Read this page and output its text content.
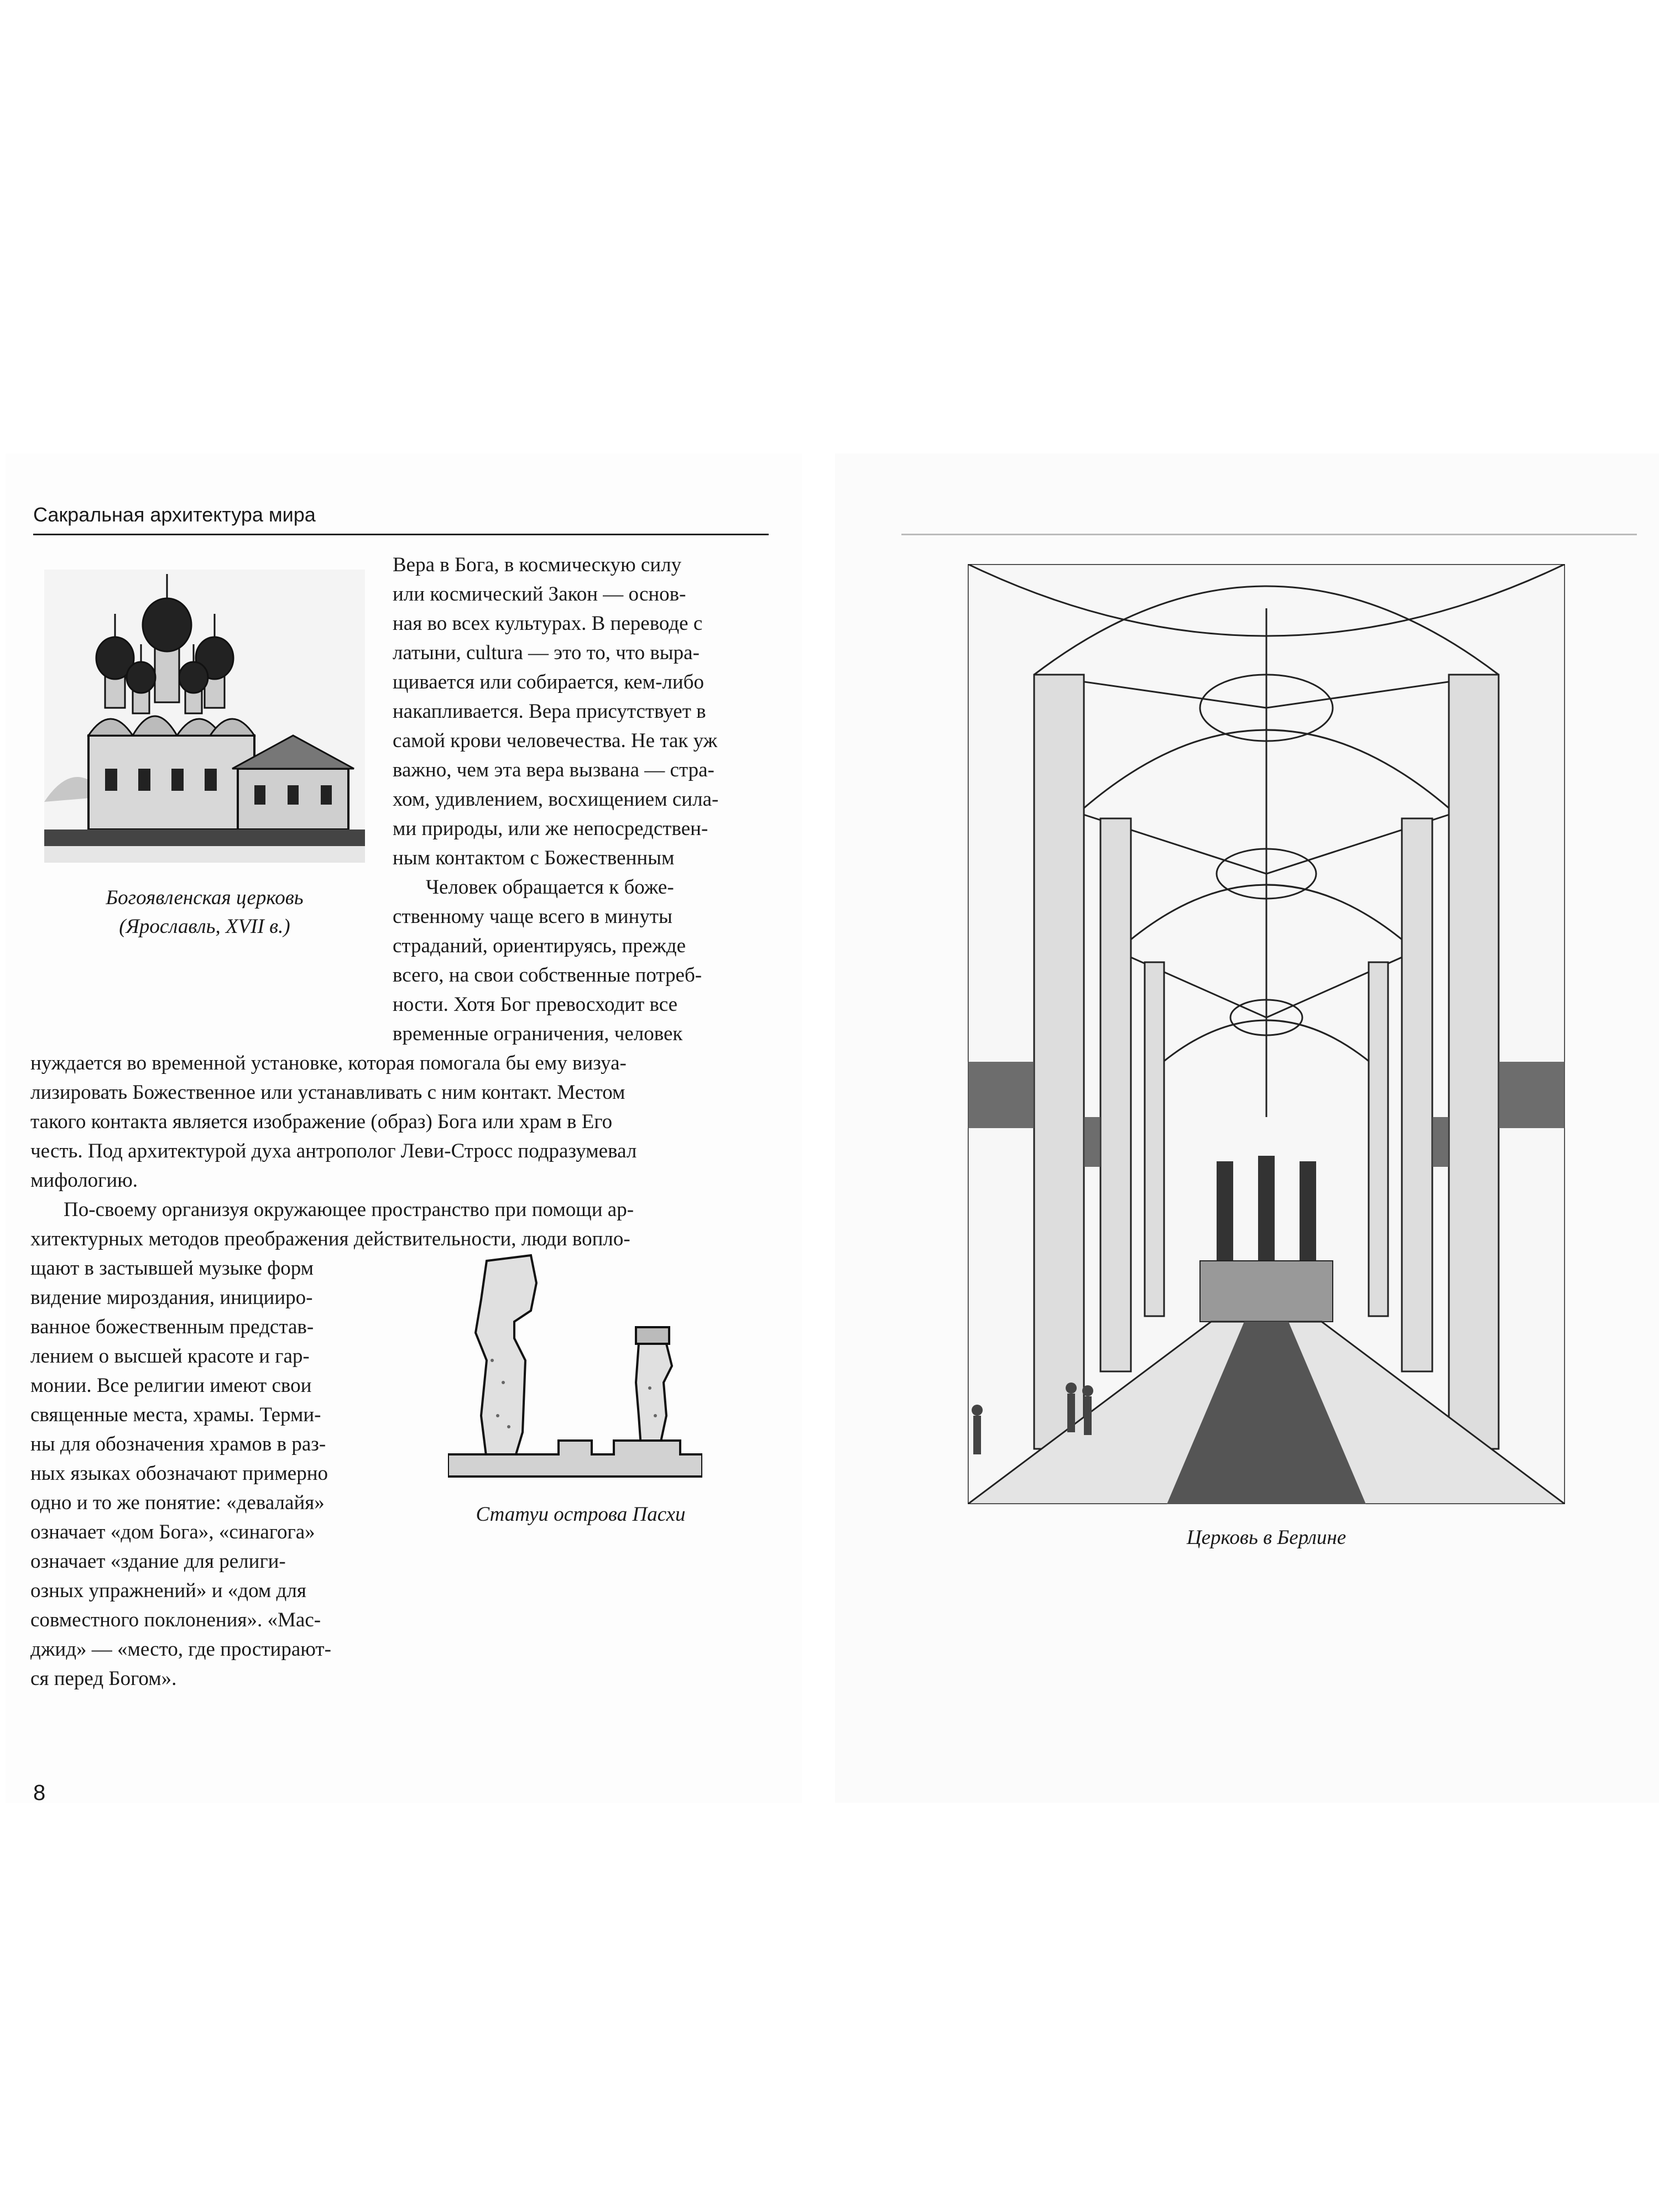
Сакральная архитектура мира
Богоявленская церковь
(Ярославль, XVII в.)

Вера в Бога, в космическую силу

или космический Закон — основ-

ная во всех культурах. В переводе с

латыни, cultura — это то, что выра-

щивается или собирается, кем-либо

накапливается. Вера присутствует в

самой крови человечества. Не так уж

важно, чем эта вера вызвана — стра-

хом, удивлением, восхищением сила-

ми природы, или же непосредствен-

ным контактом с Божественным

Человек обращается к боже-

ственному чаще всего в минуты

страданий, ориентируясь, прежде

всего, на свои собственные потреб-

ности. Хотя Бог превосходит все

временные ограничения, человек

нуждается во временной установке, которая помогала бы ему визуа-

лизировать Божественное или устанавливать с ним контакт. Местом

такого контакта является изображение (образ) Бога или храм в Его

честь. Под архитектурой духа антрополог Леви-Стросс подразумевал

мифологию.

По-своему организуя окружающее пространство при помощи ар-

хитектурных методов преображения действительности, люди вопло-

щают в застывшей музыке форм

видение мироздания, иницииро-

ванное божественным представ-

лением о высшей красоте и гар-

монии. Все религии имеют свои

священные места, храмы. Терми-

ны для обозначения храмов в раз-

ных языках обозначают примерно

одно и то же понятие: «девалайя»

означает «дом Бога», «синагога»

означает «здание для религи-

озных упражнений» и «дом для

совместного поклонения». «Мас-

джид» — «место, где простирают-

ся перед Богом».

Статуи острова Пасхи
8
Церковь в Берлине
